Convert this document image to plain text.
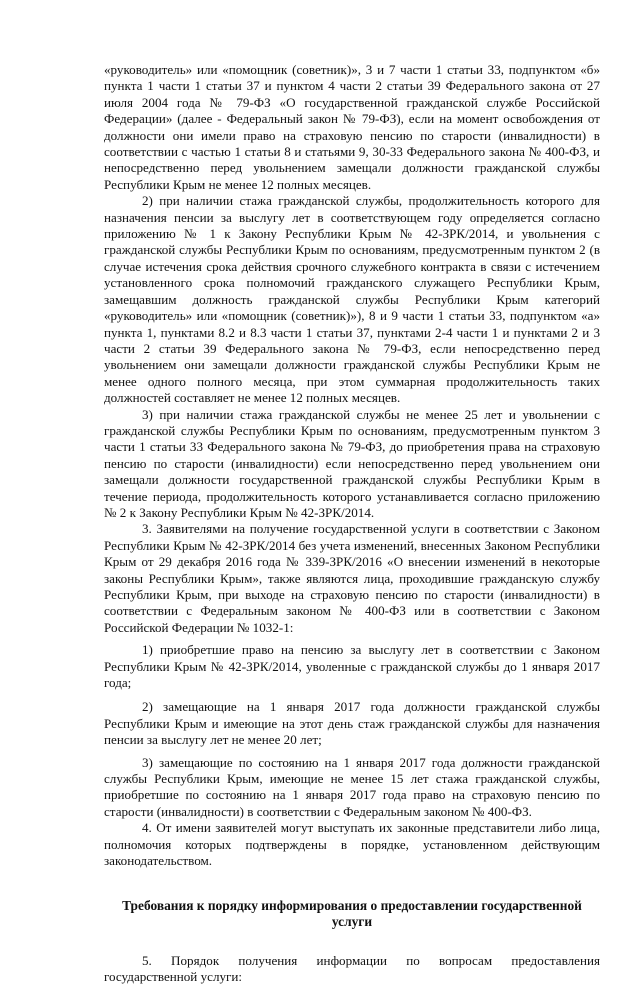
«руководитель» или «помощник (советник)», 3 и 7 части 1 статьи 33, подпунктом «б» пункта 1 части 1 статьи 37 и пунктом 4 части 2 статьи 39 Федерального закона от 27 июля 2004 года № 79-ФЗ «О государственной гражданской службе Российской Федерации» (далее - Федеральный закон № 79-ФЗ), если на момент освобождения от должности они имели право на страховую пенсию по старости (инвалидности) в соответствии с частью 1 статьи 8 и статьями 9, 30-33 Федерального закона № 400-ФЗ, и непосредственно перед увольнением замещали должности гражданской службы Республики Крым не менее 12 полных месяцев.

2) при наличии стажа гражданской службы, продолжительность которого для назначения пенсии за выслугу лет в соответствующем году определяется согласно приложению № 1 к Закону Республики Крым № 42-ЗРК/2014, и увольнения с гражданской службы Республики Крым по основаниям, предусмотренным пунктом 2 (в случае истечения срока действия срочного служебного контракта в связи с истечением установленного срока полномочий гражданского служащего Республики Крым, замещавшим должность гражданской службы Республики Крым категорий «руководитель» или «помощник (советник)»), 8 и 9 части 1 статьи 33, подпунктом «а» пункта 1, пунктами 8.2 и 8.3 части 1 статьи 37, пунктами 2-4 части 1 и пунктами 2 и 3 части 2 статьи 39 Федерального закона № 79-ФЗ, если непосредственно перед увольнением они замещали должности гражданской службы Республики Крым не менее одного полного месяца, при этом суммарная продолжительность таких должностей составляет не менее 12 полных месяцев.

3) при наличии стажа гражданской службы не менее 25 лет и увольнении с гражданской службы Республики Крым по основаниям, предусмотренным пунктом 3 части 1 статьи 33 Федерального закона № 79-ФЗ, до приобретения права на страховую пенсию по старости (инвалидности) если непосредственно перед увольнением они замещали должности государственной гражданской службы Республики Крым в течение периода, продолжительность которого устанавливается согласно приложению № 2 к Закону Республики Крым № 42-ЗРК/2014.

3. Заявителями на получение государственной услуги в соответствии с Законом Республики Крым № 42-ЗРК/2014 без учета изменений, внесенных Законом Республики Крым от 29 декабря 2016 года № 339-ЗРК/2016 «О внесении изменений в некоторые законы Республики Крым», также являются лица, проходившие гражданскую службу Республики Крым, при выходе на страховую пенсию по старости (инвалидности) в соответствии с Федеральным законом № 400-ФЗ или в соответствии с Законом Российской Федерации № 1032-1:

1) приобретшие право на пенсию за выслугу лет в соответствии с Законом Республики Крым № 42-ЗРК/2014, уволенные с гражданской службы до 1 января 2017 года;

2) замещающие на 1 января 2017 года должности гражданской службы Республики Крым и имеющие на этот день стаж гражданской службы для назначения пенсии за выслугу лет не менее 20 лет;

3) замещающие по состоянию на 1 января 2017 года должности гражданской службы Республики Крым, имеющие не менее 15 лет стажа гражданской службы, приобретшие по состоянию на 1 января 2017 года право на страховую пенсию по старости (инвалидности) в соответствии с Федеральным законом № 400-ФЗ.

4. От имени заявителей могут выступать их законные представители либо лица, полномочия которых подтверждены в порядке, установленном действующим законодательством.

Требования к порядку информирования о предоставлении государственной услуги

5. Порядок получения информации по вопросам предоставления государственной услуги:
